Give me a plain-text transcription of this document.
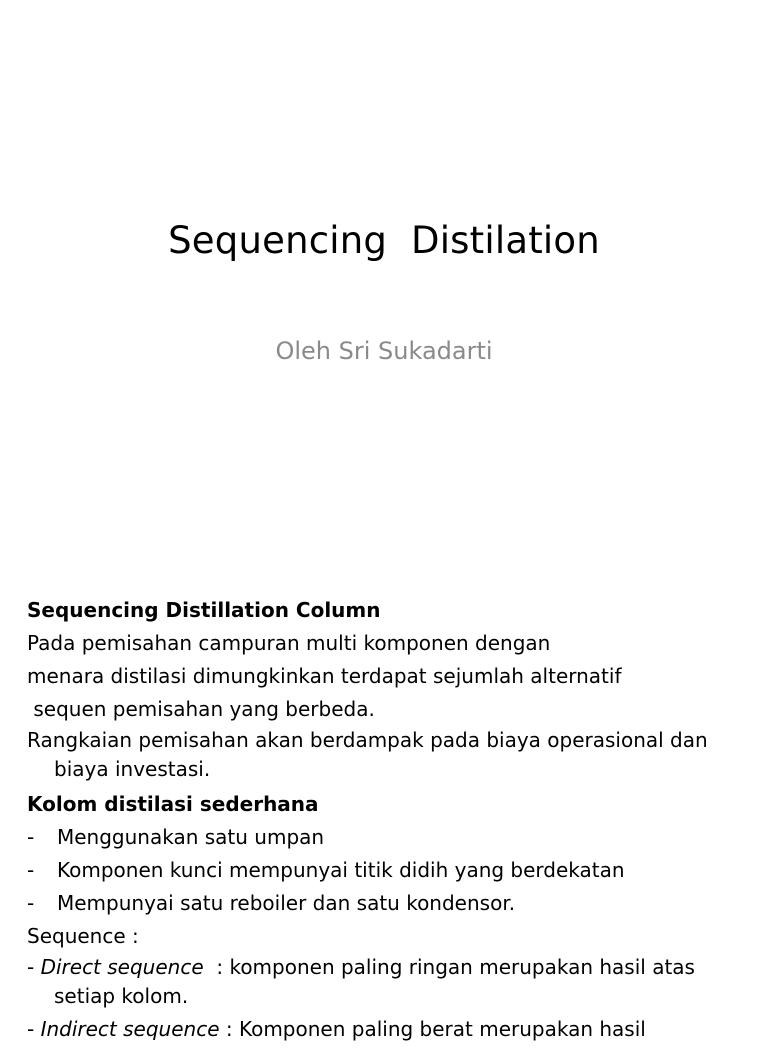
Sequencing  Distilation
Oleh Sri Sukadarti

Sequencing Distillation Column

Pada pemisahan campuran multi komponen dengan

menara distilasi dimungkinkan terdapat sejumlah alternatif

sequen pemisahan yang berbeda.

Rangkaian pemisahan akan berdampak pada biaya operasional dan biaya investasi.

Kolom distilasi sederhana

- Menggunakan satu umpan

- Komponen kunci mempunyai titik didih yang berdekatan

- Mempunyai satu reboiler dan satu kondensor.

Sequence :

- Direct sequence  : komponen paling ringan merupakan hasil atas setiap kolom.

- Indirect sequence : Komponen paling berat merupakan hasil
